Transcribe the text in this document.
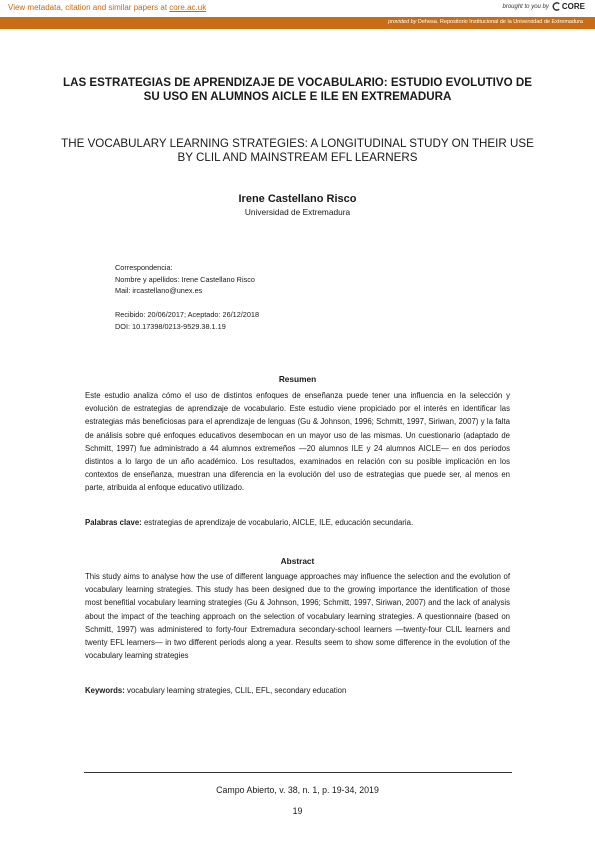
View metadata, citation and similar papers at core.ac.uk	brought to you by CORE
provided by Dehesa. Repositorio Institucional de la Universidad de Extremadura
LAS ESTRATEGIAS DE APRENDIZAJE DE VOCABULARIO: ESTUDIO EVOLUTIVO DE SU USO EN ALUMNOS AICLE E ILE EN EXTREMADURA
THE VOCABULARY LEARNING STRATEGIES: A LONGITUDINAL STUDY ON THEIR USE BY CLIL AND MAINSTREAM EFL LEARNERS
Irene Castellano Risco
Universidad de Extremadura
Correspondencia:
Nombre y apellidos: Irene Castellano Risco
Mail: ircastellano@unex.es
Recibido: 20/06/2017; Aceptado: 26/12/2018
DOI: 10.17398/0213-9529.38.1.19
Resumen
Este estudio analiza cómo el uso de distintos enfoques de enseñanza puede tener una influencia en la selección y evolución de estrategias de aprendizaje de vocabulario. Este estudio viene propiciado por el interés en identificar las estrategias más beneficiosas para el aprendizaje de lenguas (Gu & Johnson, 1996; Schmitt, 1997, Siriwan, 2007) y la falta de análisis sobre qué enfoques educativos desembocan en un mayor uso de las mismas. Un cuestionario (adaptado de Schmitt, 1997) fue administrado a 44 alumnos extremeños —20 alumnos ILE y 24 alumnos AICLE— en dos periodos distintos a lo largo de un año académico. Los resultados, examinados en relación con su posible implicación en los contextos de enseñanza, muestran una diferencia en la evolución del uso de estrategias que puede ser, al menos en parte, atribuida al enfoque educativo utilizado.
Palabras clave: estrategias de aprendizaje de vocabulario, AICLE, ILE, educación secundaria.
Abstract
This study aims to analyse how the use of different language approaches may influence the selection and the evolution of vocabulary learning strategies. This study has been designed due to the growing importance the identification of those most benefitial vocabulary learning strategies (Gu & Johnson, 1996; Schmitt, 1997, Siriwan, 2007) and the lack of analysis about the impact of the teaching approach on the selection of vocabulary learning strategies. A questionnaire (based on Schmitt, 1997) was administered to forty-four Extremadura secondary-school learners —twenty-four CLIL learners and twenty EFL learners— in two different periods along a year. Results seem to show some difference in the evolution of the vocabulary learning strategies
Keywords: vocabulary learning strategies, CLIL, EFL, secondary education
Campo Abierto, v. 38, n. 1, p. 19-34, 2019
19
